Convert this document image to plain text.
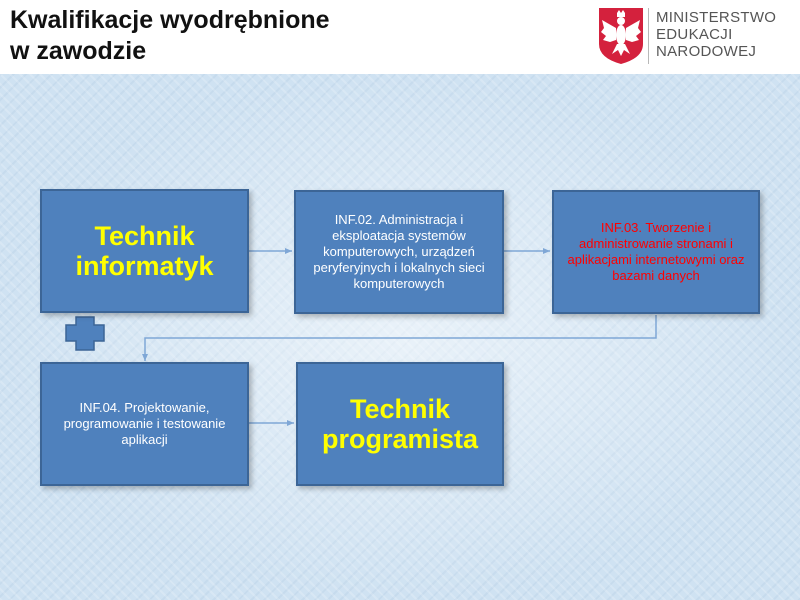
Kwalifikacje wyodrębnione
w zawodzie
MINISTERSTWO
EDUKACJI
NARODOWEJ
Technik informatyk
INF.02. Administracja i eksploatacja systemów komputerowych, urządzeń peryferyjnych i lokalnych sieci komputerowych
INF.03. Tworzenie i administrowanie stronami i aplikacjami internetowymi oraz bazami danych
INF.04. Projektowanie, programowanie i testowanie aplikacji
Technik programista
